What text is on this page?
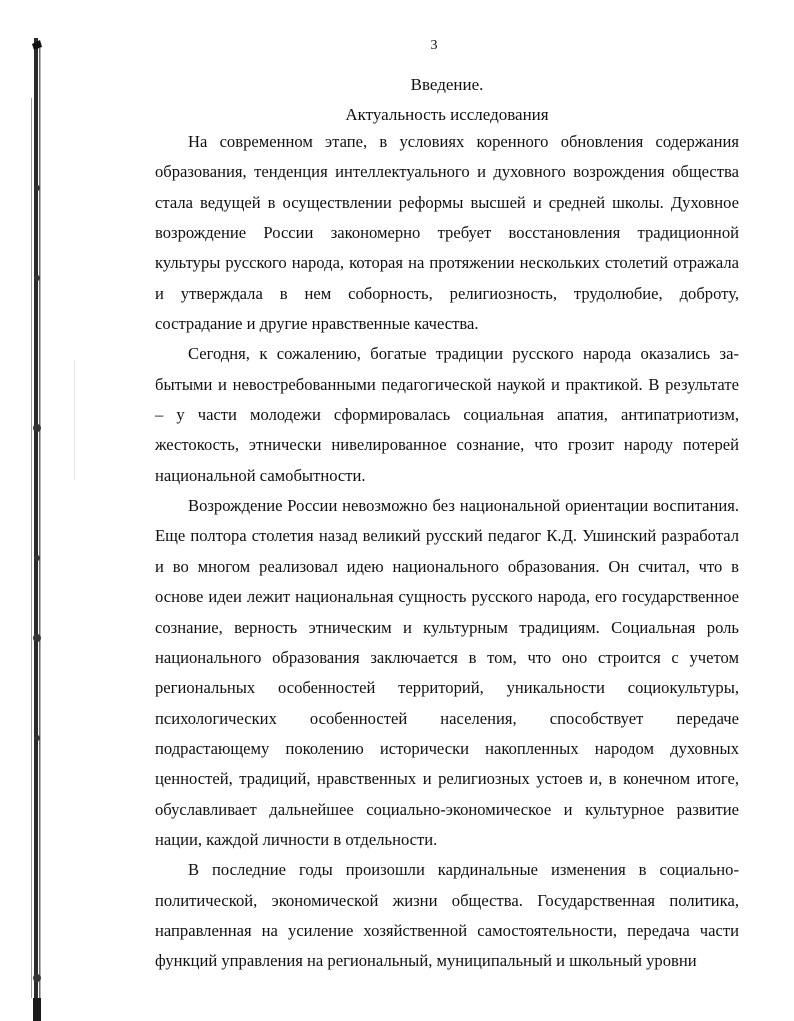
3
Введение.
Актуальность исследования

На современном этапе, в условиях коренного обновления содержания образования, тенденция интеллектуального и духовного возрождения общества стала ведущей в осуществлении реформы высшей и средней школы. Духовное возрождение России закономерно требует восстановления традиционной культуры русского народа, которая на протяжении нескольких столетий отражала и утверждала в нем соборность, религиозность, трудолюбие, доброту, сострадание и другие нравственные качества.

Сегодня, к сожалению, богатые традиции русского народа оказались забытыми и невостребованными педагогической наукой и практикой. В результате – у части молодежи сформировалась социальная апатия, антипатриотизм, жестокость, этнически нивелированное сознание, что грозит народу потерей национальной самобытности.

Возрождение России невозможно без национальной ориентации воспитания. Еще полтора столетия назад великий русский педагог К.Д. Ушинский разработал и во многом реализовал идею национального образования. Он считал, что в основе идеи лежит национальная сущность русского народа, его государственное сознание, верность этническим и культурным традициям. Социальная роль национального образования заключается в том, что оно строится с учетом региональных особенностей территорий, уникальности социокультуры, психологических особенностей населения, способствует передаче подрастающему поколению исторически накопленных народом духовных ценностей, традиций, нравственных и религиозных устоев и, в конечном итоге, обуславливает дальнейшее социально-экономическое и культурное развитие нации, каждой личности в отдельности.

В последние годы произошли кардинальные изменения в социально-политической, экономической жизни общества. Государственная политика, направленная на усиление хозяйственной самостоятельности, передача части функций управления на региональный, муниципальный и школьный уровни
